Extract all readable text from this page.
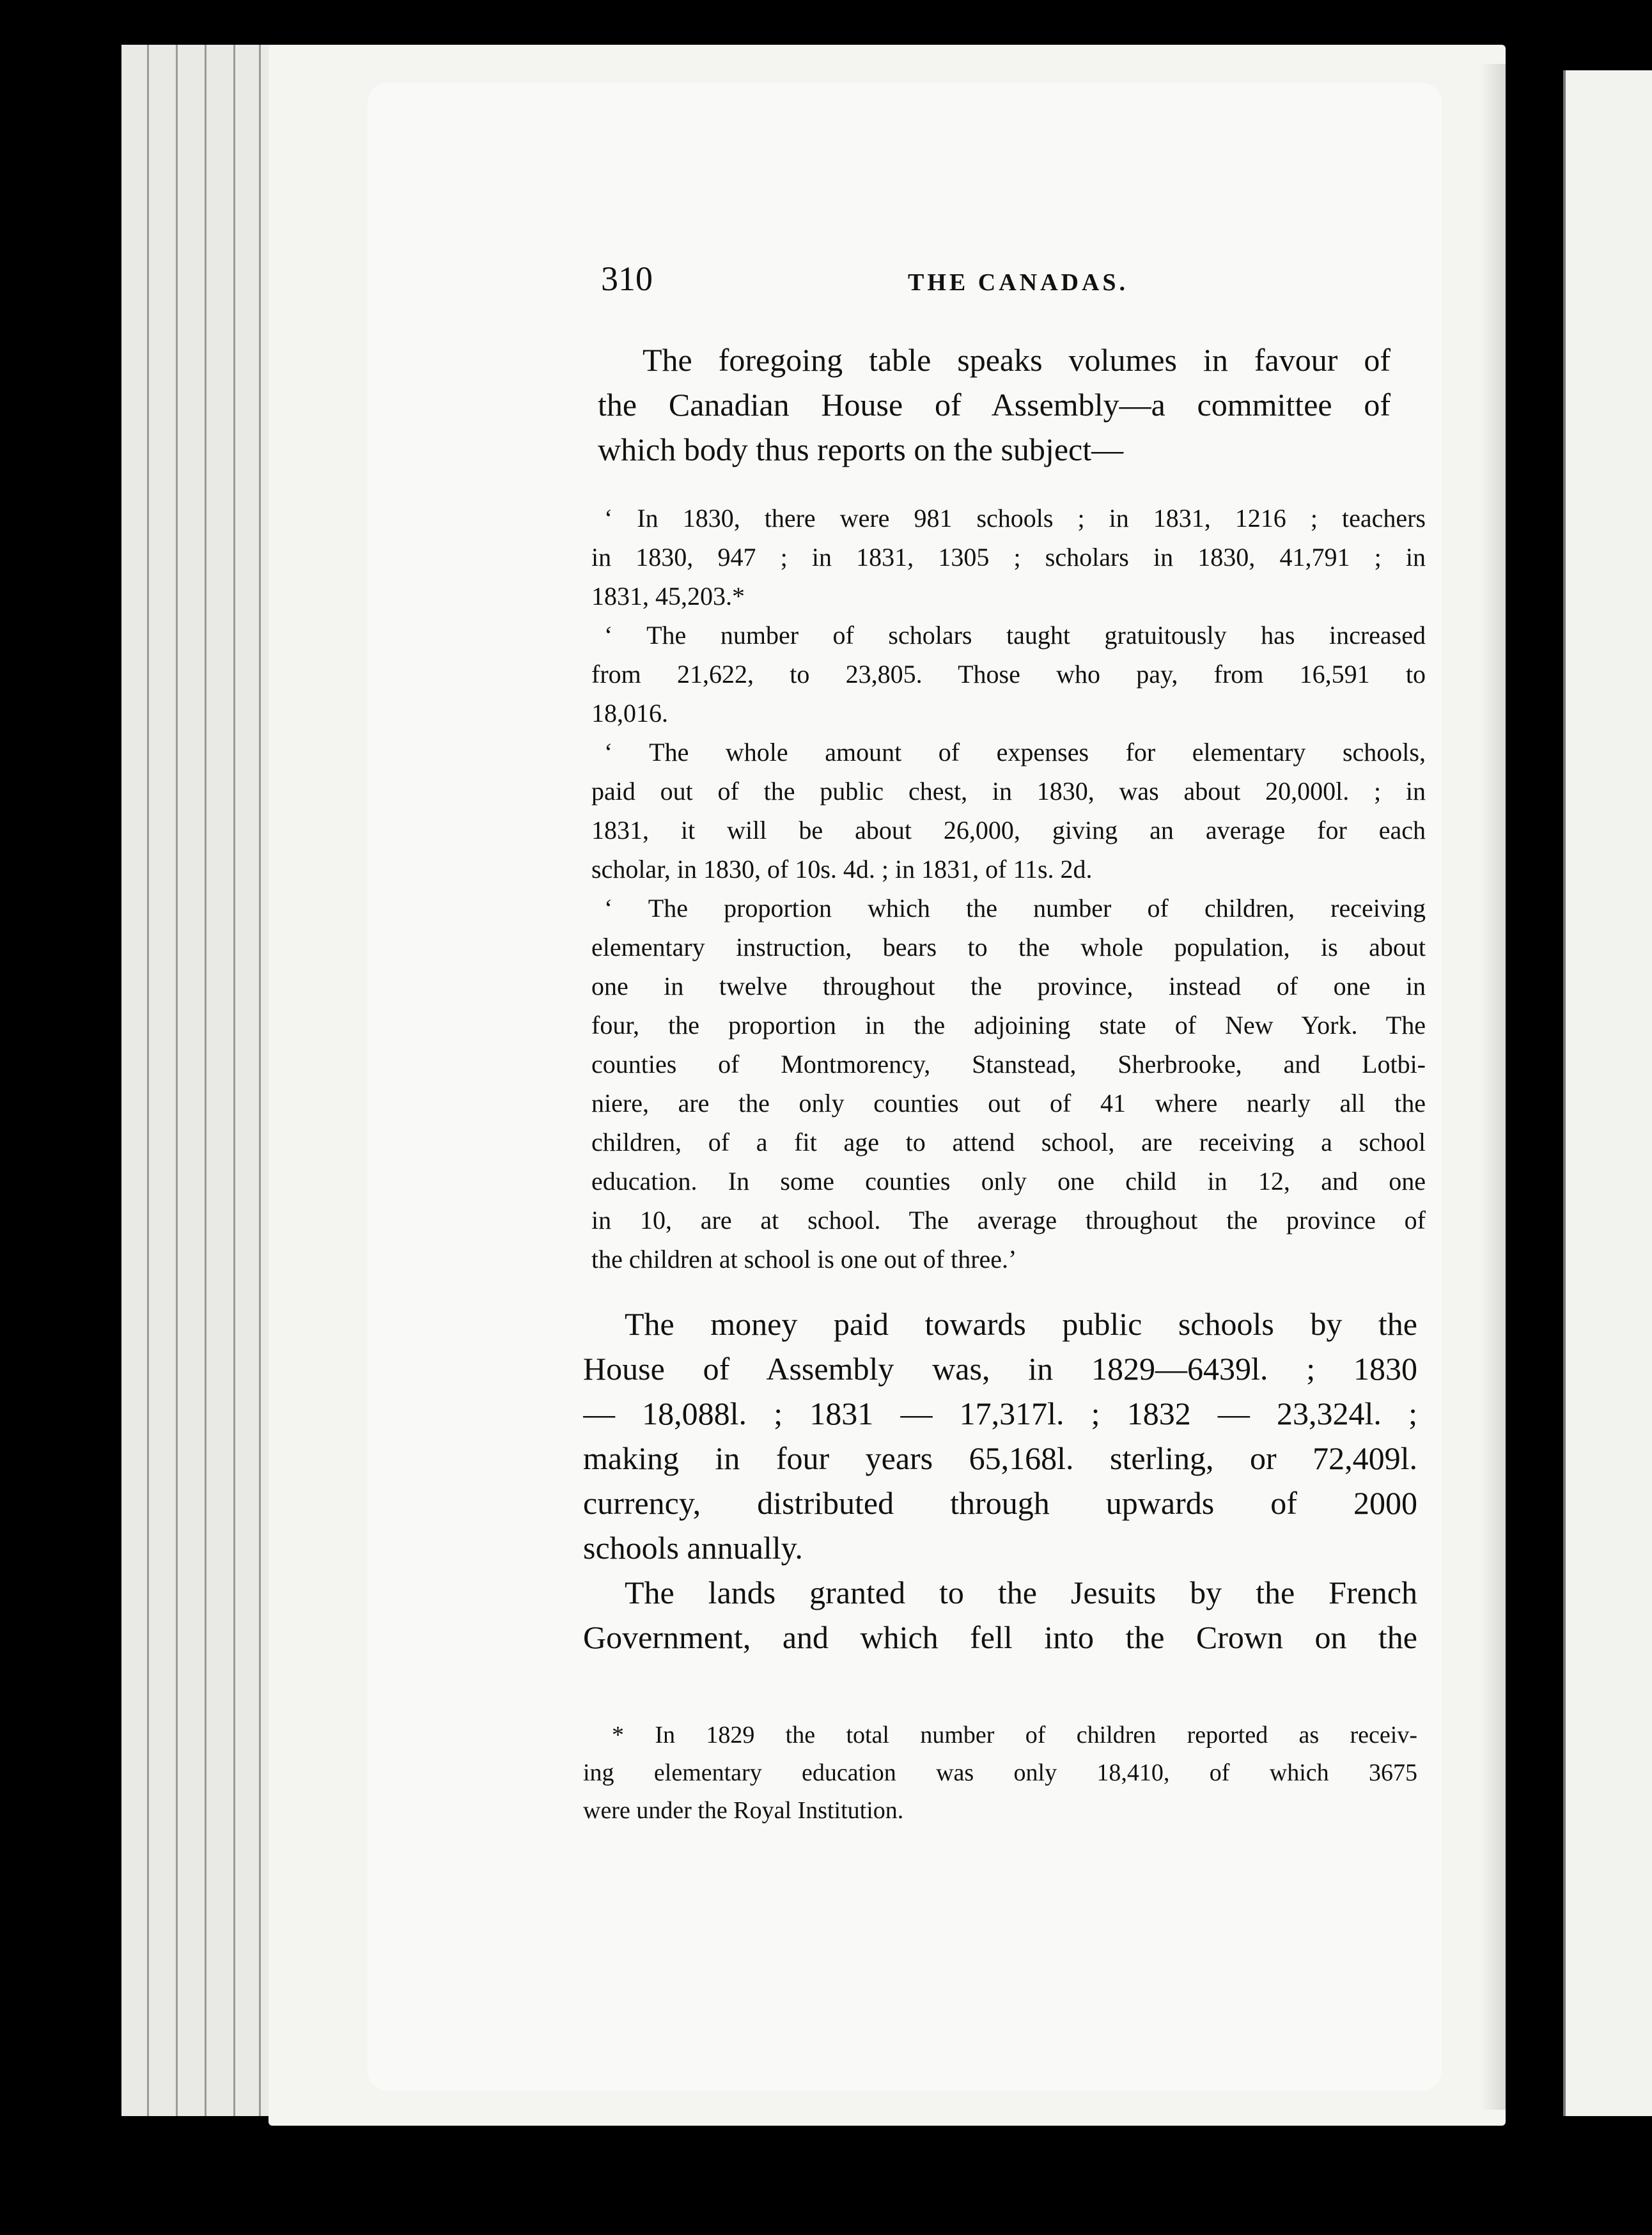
310	THE CANADAS.

The foregoing table speaks volumes in favour of

the Canadian House of Assembly—a committee of

which body thus reports on the subject—

‘ In 1830, there were 981 schools ; in 1831, 1216 ; teachers

in 1830, 947 ; in 1831, 1305 ; scholars in 1830, 41,791 ; in

1831, 45,203.*

‘ The number of scholars taught gratuitously has increased

from 21,622, to 23,805. Those who pay, from 16,591 to

18,016.

‘ The whole amount of expenses for elementary schools,

paid out of the public chest, in 1830, was about 20,000l. ; in

1831, it will be about 26,000, giving an average for each

scholar, in 1830, of 10s. 4d. ; in 1831, of 11s. 2d.

‘ The proportion which the number of children, receiving

elementary instruction, bears to the whole population, is about

one in twelve throughout the province, instead of one in

four, the proportion in the adjoining state of New York. The

counties of Montmorency, Stanstead, Sherbrooke, and Lotbi-

niere, are the only counties out of 41 where nearly all the

children, of a fit age to attend school, are receiving a school

education. In some counties only one child in 12, and one

in 10, are at school. The average throughout the province of

the children at school is one out of three.’

The money paid towards public schools by the

House of Assembly was, in 1829—6439l. ; 1830

— 18,088l. ; 1831 — 17,317l. ; 1832 — 23,324l. ;

making in four years 65,168l. sterling, or 72,409l.

currency, distributed through upwards of 2000

schools annually.

The lands granted to the Jesuits by the French

Government, and which fell into the Crown on the

* In 1829 the total number of children reported as receiv-

ing elementary education was only 18,410, of which 3675

were under the Royal Institution.
